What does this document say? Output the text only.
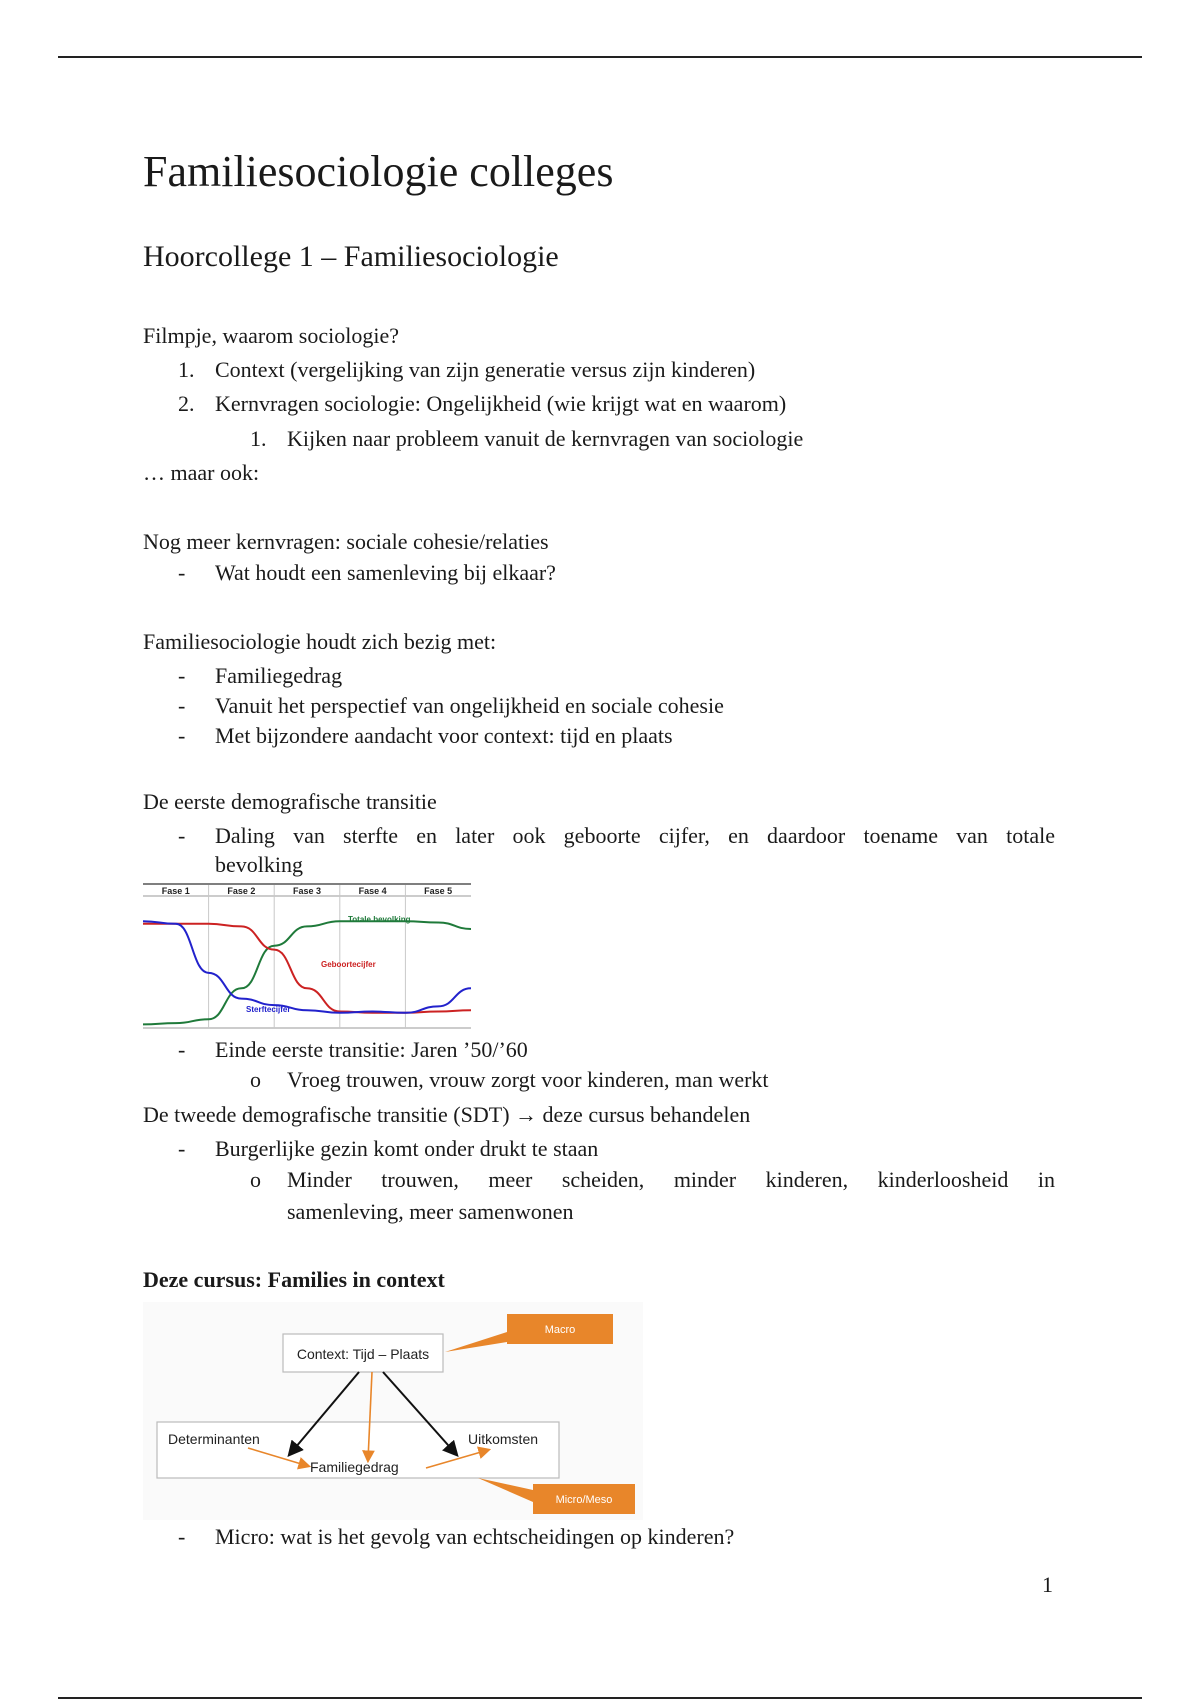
Familiesociologie colleges
Hoorcollege 1 – Familiesociologie
Filmpje, waarom sociologie?
1. Context (vergelijking van zijn generatie versus zijn kinderen)
2. Kernvragen sociologie: Ongelijkheid (wie krijgt wat en waarom)
1. Kijken naar probleem vanuit de kernvragen van sociologie
… maar ook:
Nog meer kernvragen: sociale cohesie/relaties
-	Wat houdt een samenleving bij elkaar?
Familiesociologie houdt zich bezig met:
-	Familiegedrag
-	Vanuit het perspectief van ongelijkheid en sociale cohesie
-	Met bijzondere aandacht voor context: tijd en plaats
De eerste demografische transitie
-	Daling van sterfte en later ook geboorte cijfer, en daardoor toename van totale
bevolking
Fase 1	Fase 2	Fase 3	Fase 4	Fase 5
Totale bevolking
Geboortecijfer
Sterftecijfer
-	Einde eerste transitie: Jaren ’50/’60
o	Vroeg trouwen, vrouw zorgt voor kinderen, man werkt
De tweede demografische transitie (SDT) → deze cursus behandelen
-	Burgerlijke gezin komt onder drukt te staan
o	Minder trouwen, meer scheiden, minder kinderen, kinderloosheid in
samenleving, meer samenwonen
Deze cursus: Families in context
Context: Tijd – Plaats
Determinanten	Uitkomsten
Familiegedrag
Macro
Micro/Meso
-	Micro: wat is het gevolg van echtscheidingen op kinderen?
1
